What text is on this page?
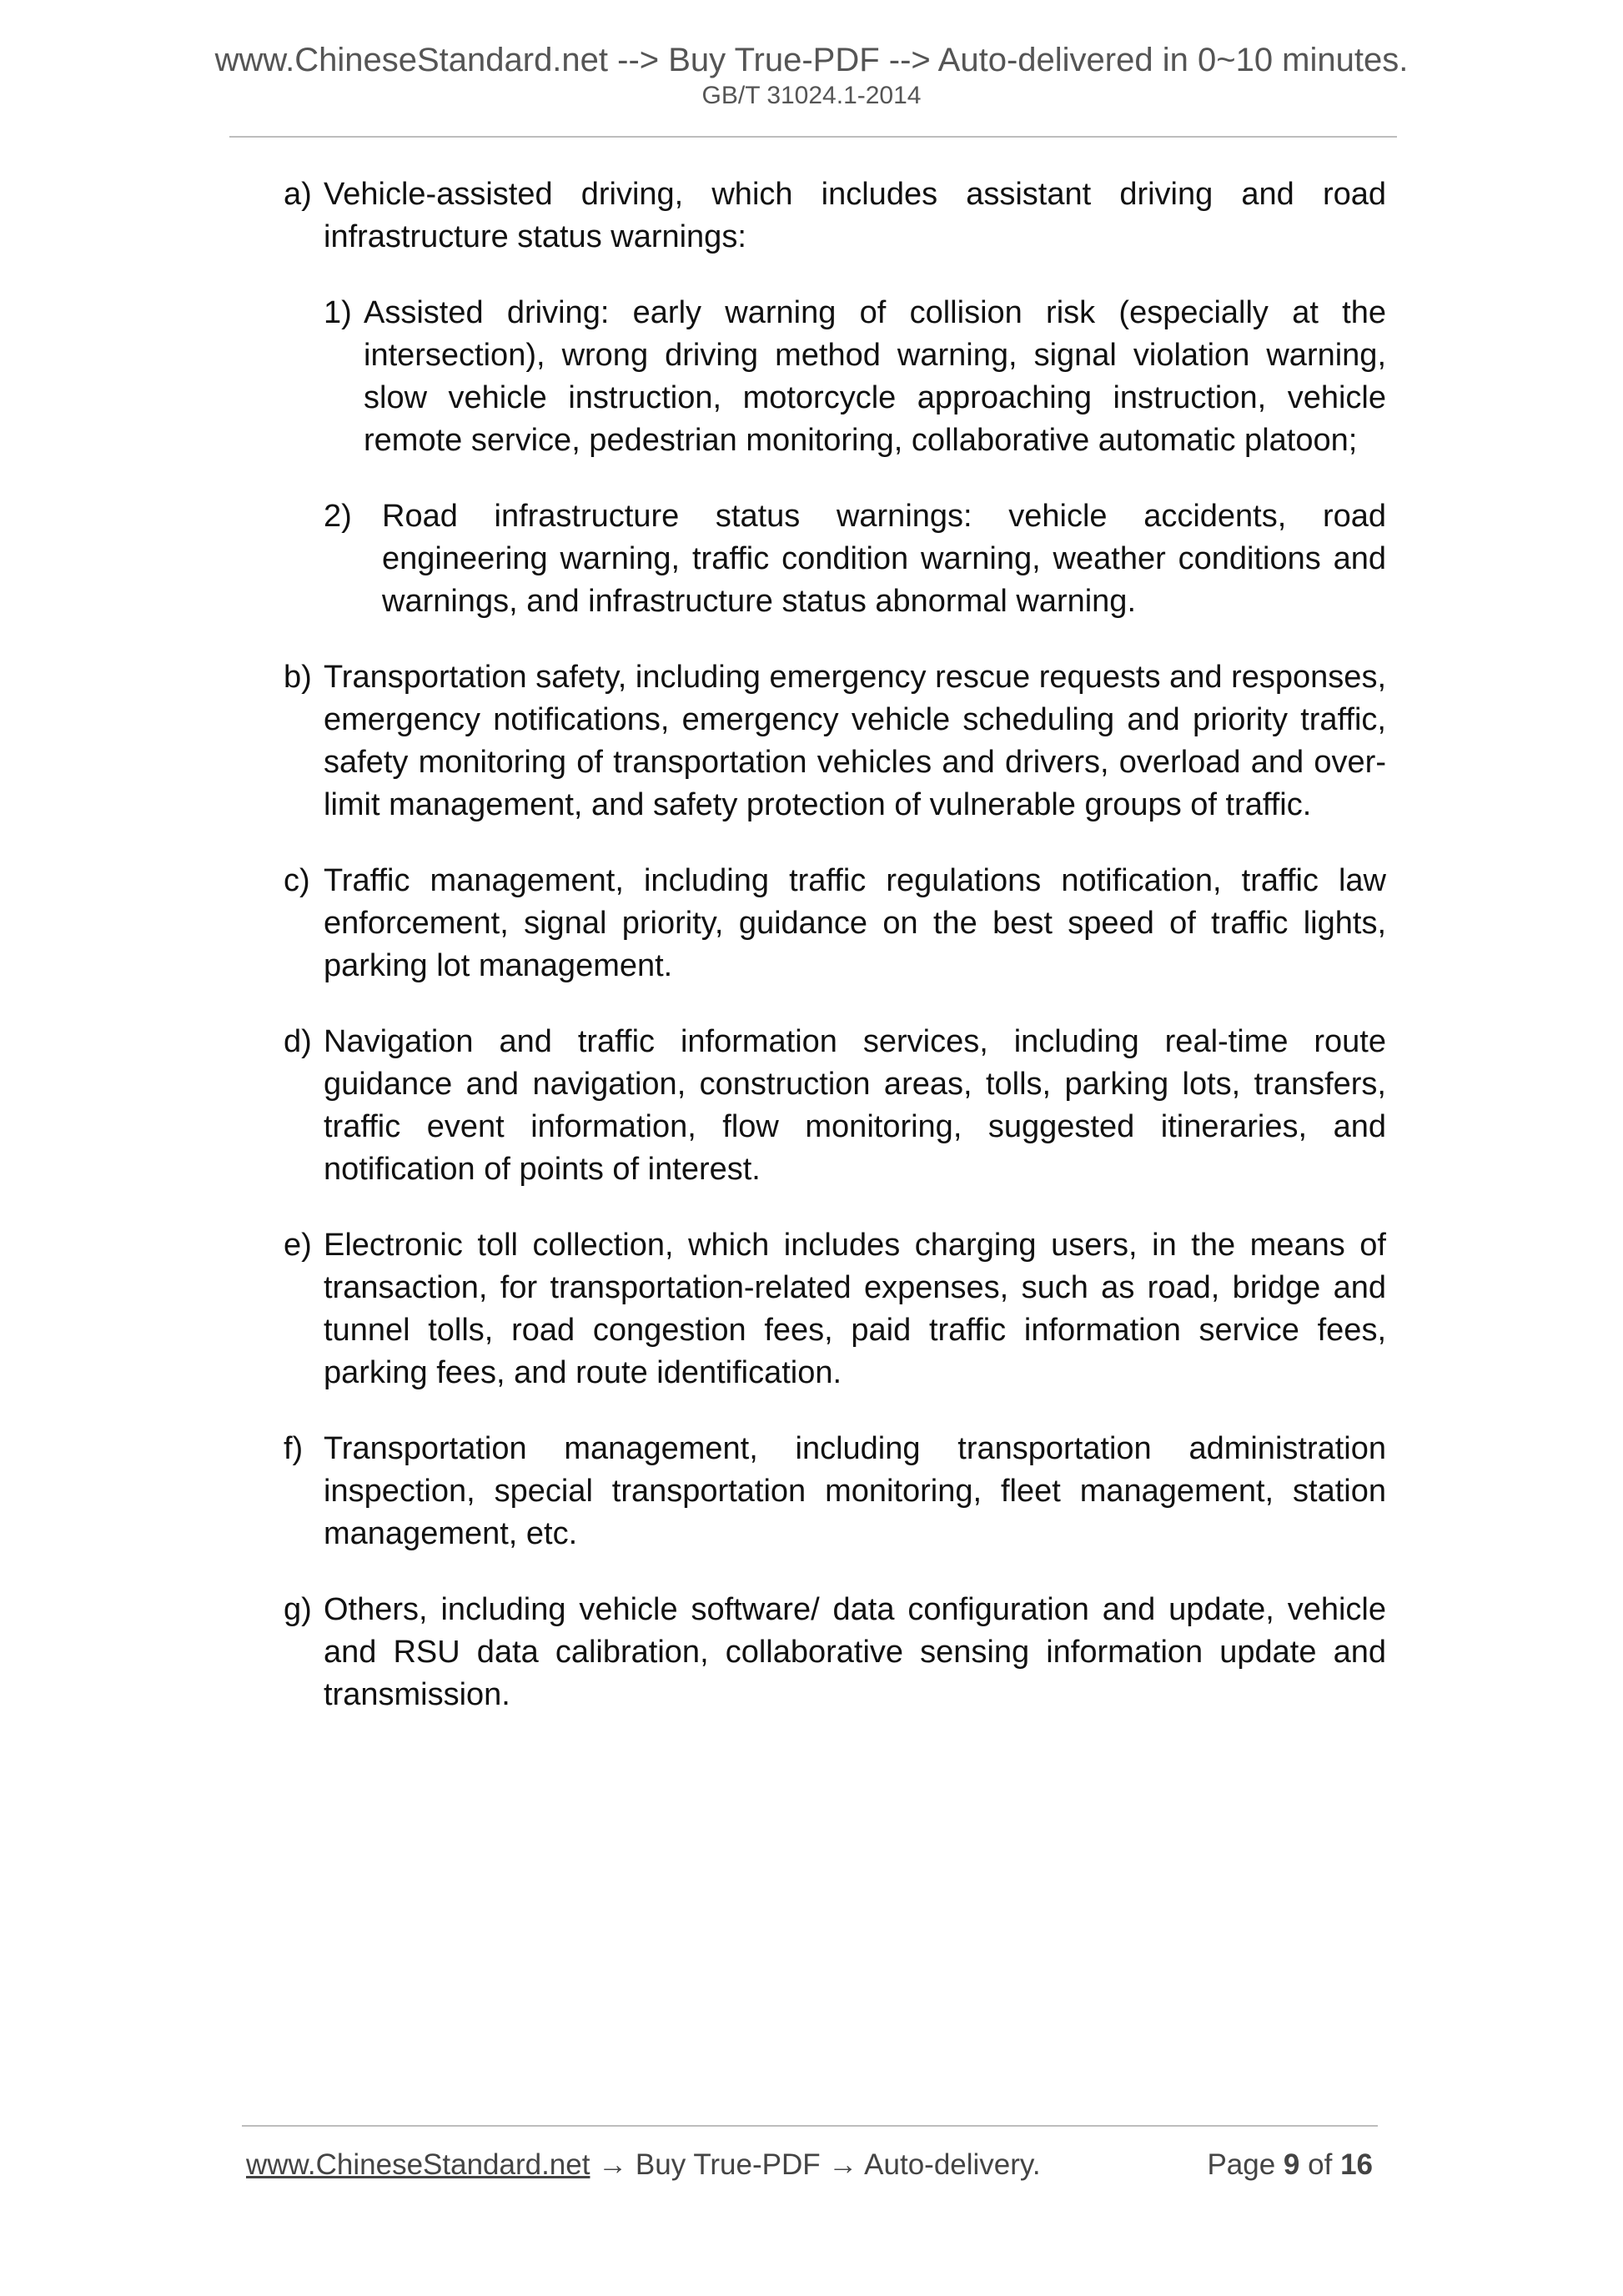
www.ChineseStandard.net --> Buy True-PDF --> Auto-delivered in 0~10 minutes.
GB/T 31024.1-2014
a) Vehicle-assisted driving, which includes assistant driving and road infrastructure status warnings:
1) Assisted driving: early warning of collision risk (especially at the intersection), wrong driving method warning, signal violation warning, slow vehicle instruction, motorcycle approaching instruction, vehicle remote service, pedestrian monitoring, collaborative automatic platoon;
2) Road infrastructure status warnings: vehicle accidents, road engineering warning, traffic condition warning, weather conditions and warnings, and infrastructure status abnormal warning.
b) Transportation safety, including emergency rescue requests and responses, emergency notifications, emergency vehicle scheduling and priority traffic, safety monitoring of transportation vehicles and drivers, overload and over-limit management, and safety protection of vulnerable groups of traffic.
c) Traffic management, including traffic regulations notification, traffic law enforcement, signal priority, guidance on the best speed of traffic lights, parking lot management.
d) Navigation and traffic information services, including real-time route guidance and navigation, construction areas, tolls, parking lots, transfers, traffic event information, flow monitoring, suggested itineraries, and notification of points of interest.
e) Electronic toll collection, which includes charging users, in the means of transaction, for transportation-related expenses, such as road, bridge and tunnel tolls, road congestion fees, paid traffic information service fees, parking fees, and route identification.
f) Transportation management, including transportation administration inspection, special transportation monitoring, fleet management, station management, etc.
g) Others, including vehicle software/ data configuration and update, vehicle and RSU data calibration, collaborative sensing information update and transmission.
www.ChineseStandard.net → Buy True-PDF → Auto-delivery.	Page 9 of 16
